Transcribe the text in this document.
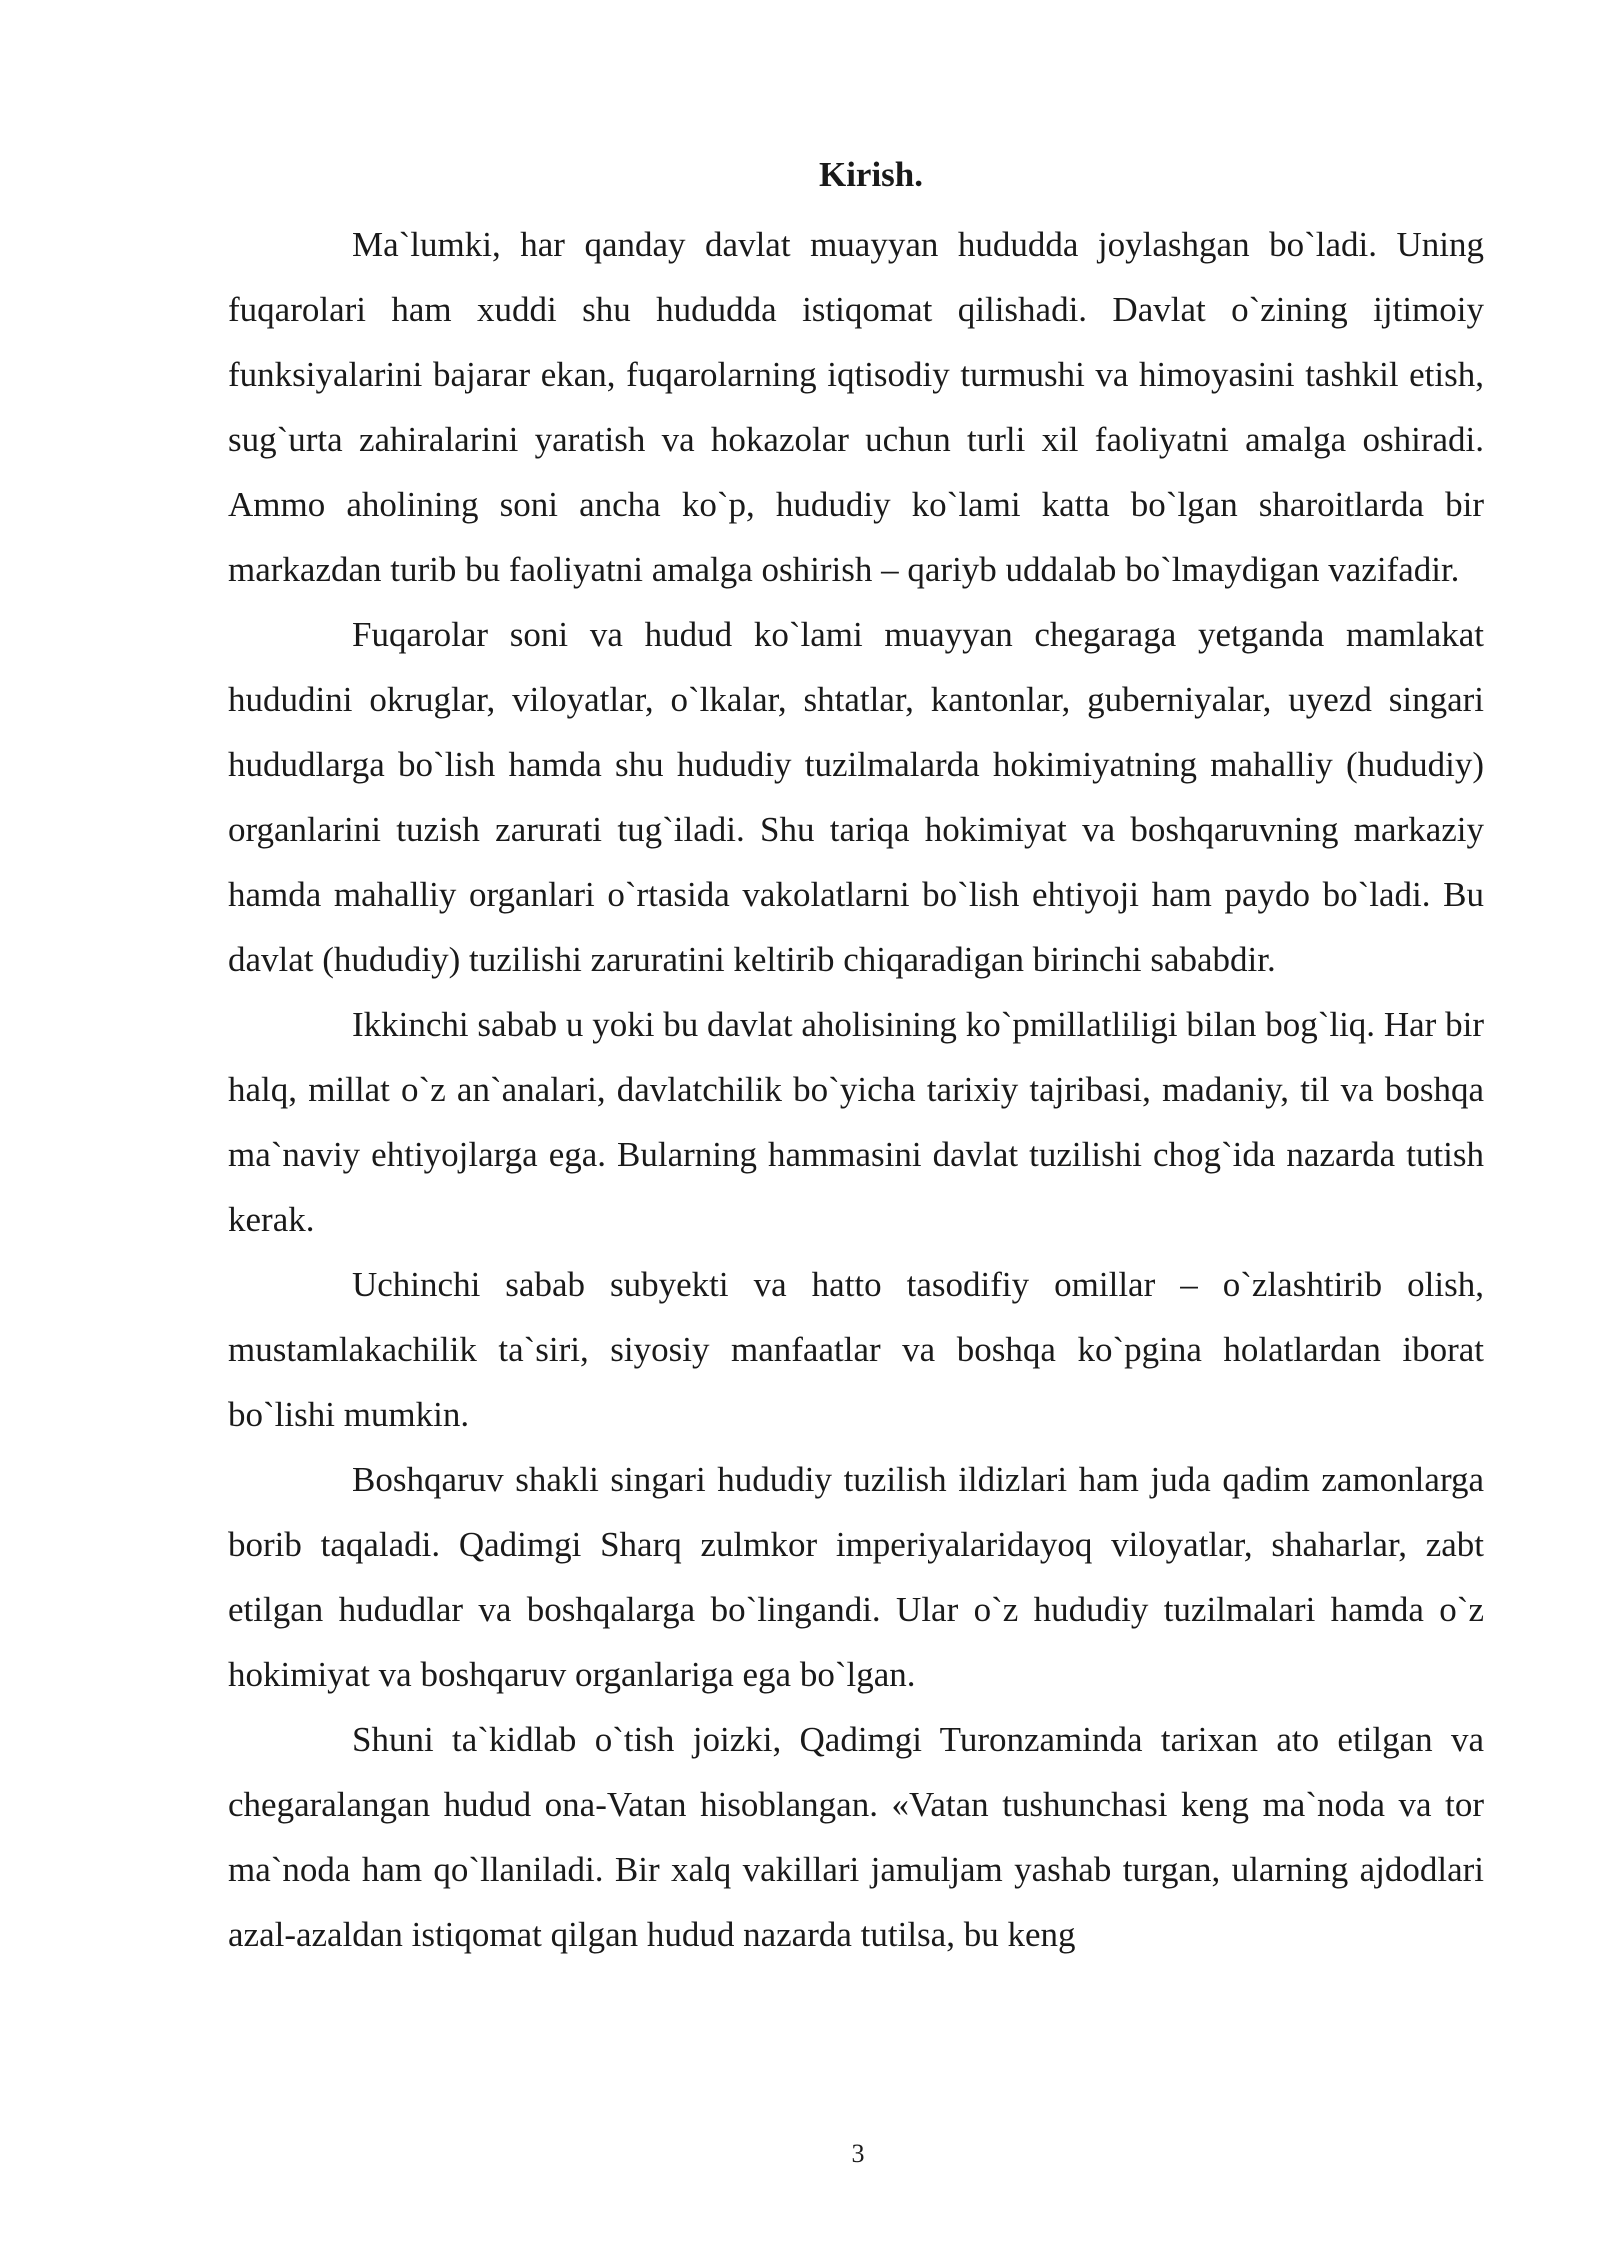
Kirish.

Ma`lumki, har qanday davlat muayyan hududda joylashgan bo`ladi. Uning fuqarolari ham xuddi shu hududda istiqomat qilishadi. Davlat o`zining ijtimoiy funksiyalarini bajarar ekan, fuqarolarning iqtisodiy turmushi va himoyasini tashkil etish, sug`urta zahiralarini yaratish va hokazolar uchun turli xil faoliyatni amalga oshiradi. Ammo aholining soni ancha ko`p, hududiy ko`lami katta bo`lgan sharoitlarda bir markazdan turib bu faoliyatni amalga oshirish – qariyb uddalab bo`lmaydigan vazifadir.

Fuqarolar soni va hudud ko`lami muayyan chegaraga yetganda mamlakat hududini okruglar, viloyatlar, o`lkalar, shtatlar, kantonlar, guberniyalar, uyezd singari hududlarga bo`lish hamda shu hududiy tuzilmalarda hokimiyatning mahalliy (hududiy) organlarini tuzish zarurati tug`iladi. Shu tariqa hokimiyat va boshqaruvning markaziy hamda mahalliy organlari o`rtasida vakolatlarni bo`lish ehtiyoji ham paydo bo`ladi. Bu davlat (hududiy) tuzilishi zaruratini keltirib chiqaradigan birinchi sababdir.

Ikkinchi sabab u yoki bu davlat aholisining ko`pmillatliligi bilan bog`liq. Har bir halq, millat o`z an`analari, davlatchilik bo`yicha tarixiy tajribasi, madaniy, til va boshqa ma`naviy ehtiyojlarga ega. Bularning hammasini davlat tuzilishi chog`ida nazarda tutish kerak.

Uchinchi sabab subyekti va hatto tasodifiy omillar – o`zlashtirib olish, mustamlakachilik ta`siri, siyosiy manfaatlar va boshqa ko`pgina holatlardan iborat bo`lishi mumkin.

Boshqaruv shakli singari hududiy tuzilish ildizlari ham juda qadim zamonlarga borib taqaladi. Qadimgi Sharq zulmkor imperiyalaridayoq viloyatlar, shaharlar, zabt etilgan hududlar va boshqalarga bo`lingandi. Ular o`z hududiy tuzilmalari hamda o`z hokimiyat va boshqaruv organlariga ega bo`lgan.

Shuni ta`kidlab o`tish joizki, Qadimgi Turonzaminda tarixan ato etilgan va chegaralangan hudud ona-Vatan hisoblangan. «Vatan tushunchasi keng ma`noda va tor ma`noda ham qo`llaniladi. Bir xalq vakillari jamuljam yashab turgan, ularning ajdodlari azal-azaldan istiqomat qilgan hudud nazarda tutilsa, bu keng

3
